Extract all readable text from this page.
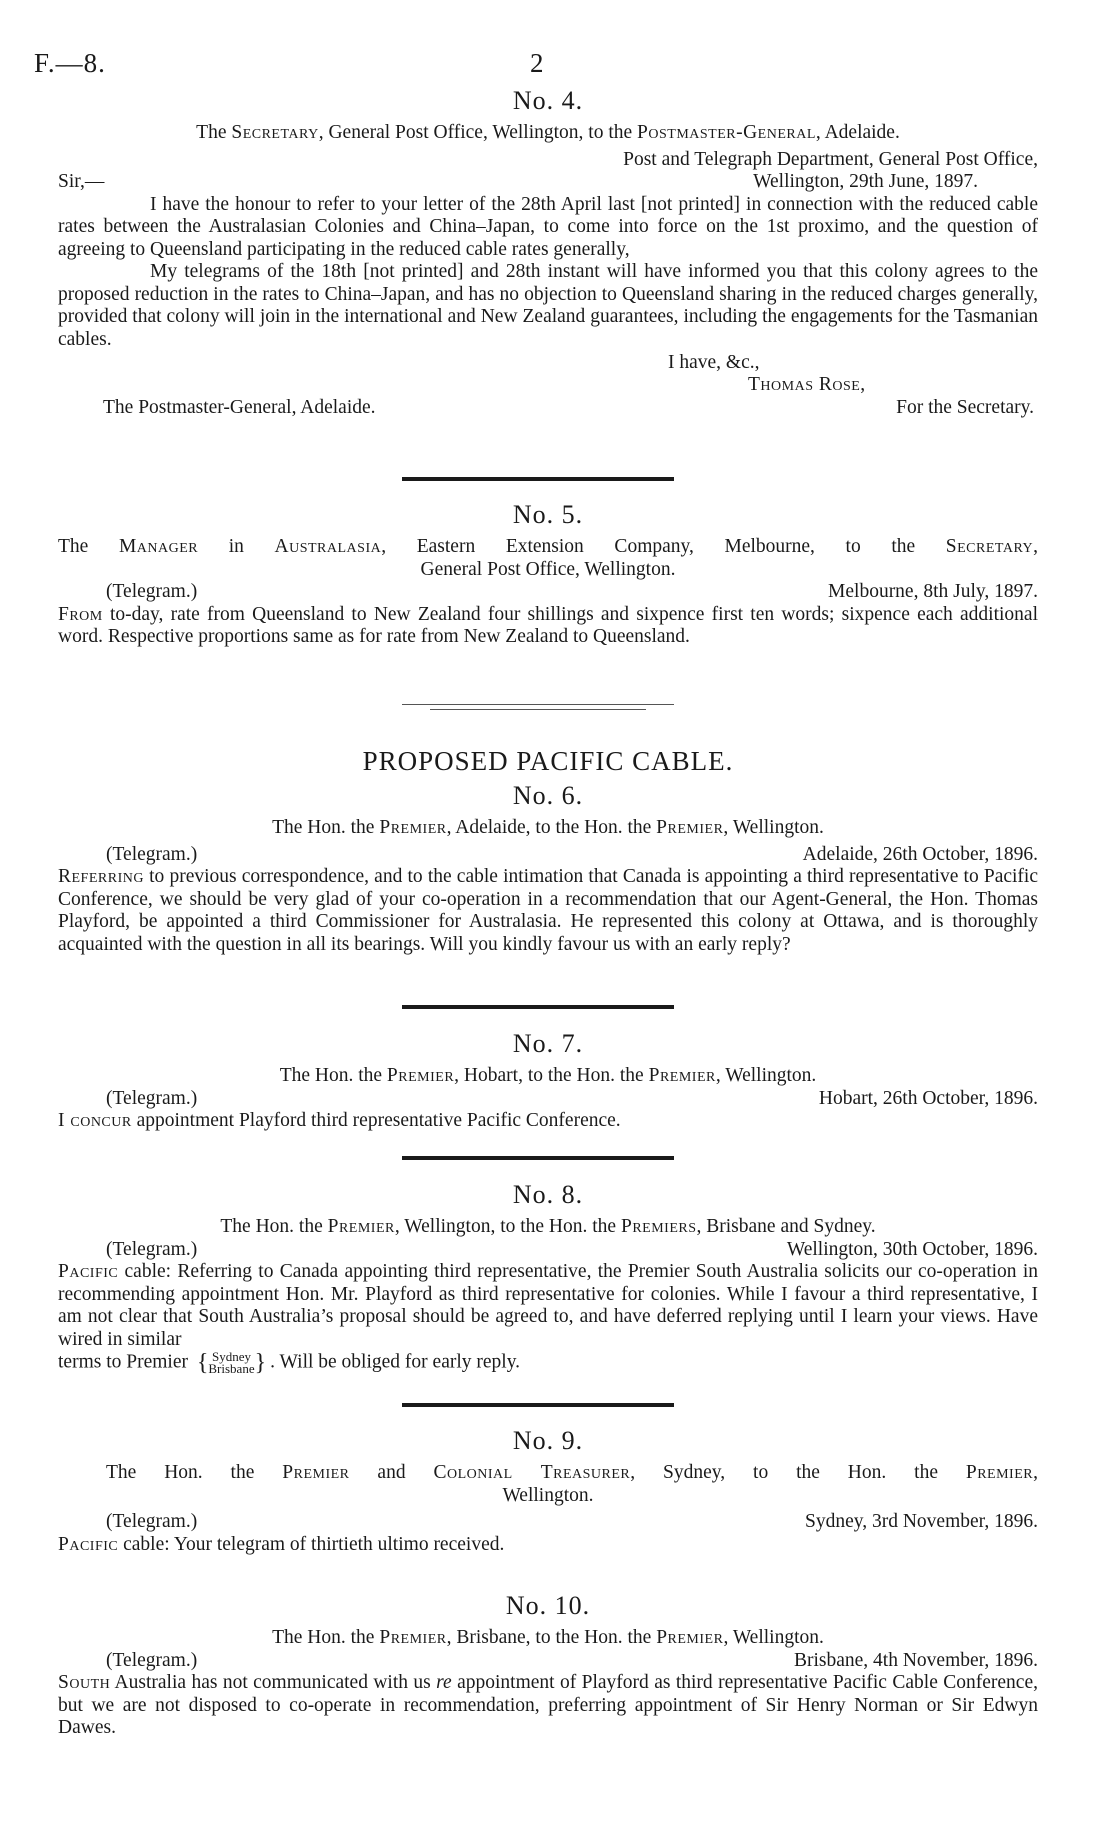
F.—8.	2

No. 4.

The Secretary, General Post Office, Wellington, to the Postmaster-General, Adelaide.

Post and Telegraph Department, General Post Office,
Sir,—	Wellington, 29th June, 1897.

I have the honour to refer to your letter of the 28th April last [not printed] in connection with the reduced cable rates between the Australasian Colonies and China–Japan, to come into force on the 1st proximo, and the question of agreeing to Queensland participating in the reduced cable rates generally,

My telegrams of the 18th [not printed] and 28th instant will have informed you that this colony agrees to the proposed reduction in the rates to China–Japan, and has no objection to Queensland sharing in the reduced charges generally, provided that colony will join in the international and New Zealand guarantees, including the engagements for the Tasmanian cables.

I have, &c.,
Thomas Rose,
The Postmaster-General, Adelaide.	For the Secretary.

No. 5.

The Manager in Australasia, Eastern Extension Company, Melbourne, to the Secretary,

General Post Office, Wellington.

(Telegram.)	Melbourne, 8th July, 1897.

From to-day, rate from Queensland to New Zealand four shillings and sixpence first ten words; sixpence each additional word. Respective proportions same as for rate from New Zealand to Queensland.

PROPOSED PACIFIC CABLE.

No. 6.

The Hon. the Premier, Adelaide, to the Hon. the Premier, Wellington.

(Telegram.)	Adelaide, 26th October, 1896.

Referring to previous correspondence, and to the cable intimation that Canada is appointing a third representative to Pacific Conference, we should be very glad of your co-operation in a recommendation that our Agent-General, the Hon. Thomas Playford, be appointed a third Commissioner for Australasia. He represented this colony at Ottawa, and is thoroughly acquainted with the question in all its bearings. Will you kindly favour us with an early reply?

No. 7.

The Hon. the Premier, Hobart, to the Hon. the Premier, Wellington.

(Telegram.)	Hobart, 26th October, 1896.

I concur appointment Playford third representative Pacific Conference.

No. 8.

The Hon. the Premier, Wellington, to the Hon. the Premiers, Brisbane and Sydney.

(Telegram.)	Wellington, 30th October, 1896.

Pacific cable: Referring to Canada appointing third representative, the Premier South Australia solicits our co-operation in recommending appointment Hon. Mr. Playford as third representative for colonies. While I favour a third representative, I am not clear that South Australia’s proposal should be agreed to, and have deferred replying until I learn your views. Have wired in similar

terms to Premier { Sydney
Brisbane } . Will be obliged for early reply.

No. 9.

The Hon. the Premier and Colonial Treasurer, Sydney, to the Hon. the Premier,

Wellington.

(Telegram.)	Sydney, 3rd November, 1896.

Pacific cable: Your telegram of thirtieth ultimo received.

No. 10.

The Hon. the Premier, Brisbane, to the Hon. the Premier, Wellington.

(Telegram.)	Brisbane, 4th November, 1896.

South Australia has not communicated with us re appointment of Playford as third representative Pacific Cable Conference, but we are not disposed to co-operate in recommendation, preferring appointment of Sir Henry Norman or Sir Edwyn Dawes.
